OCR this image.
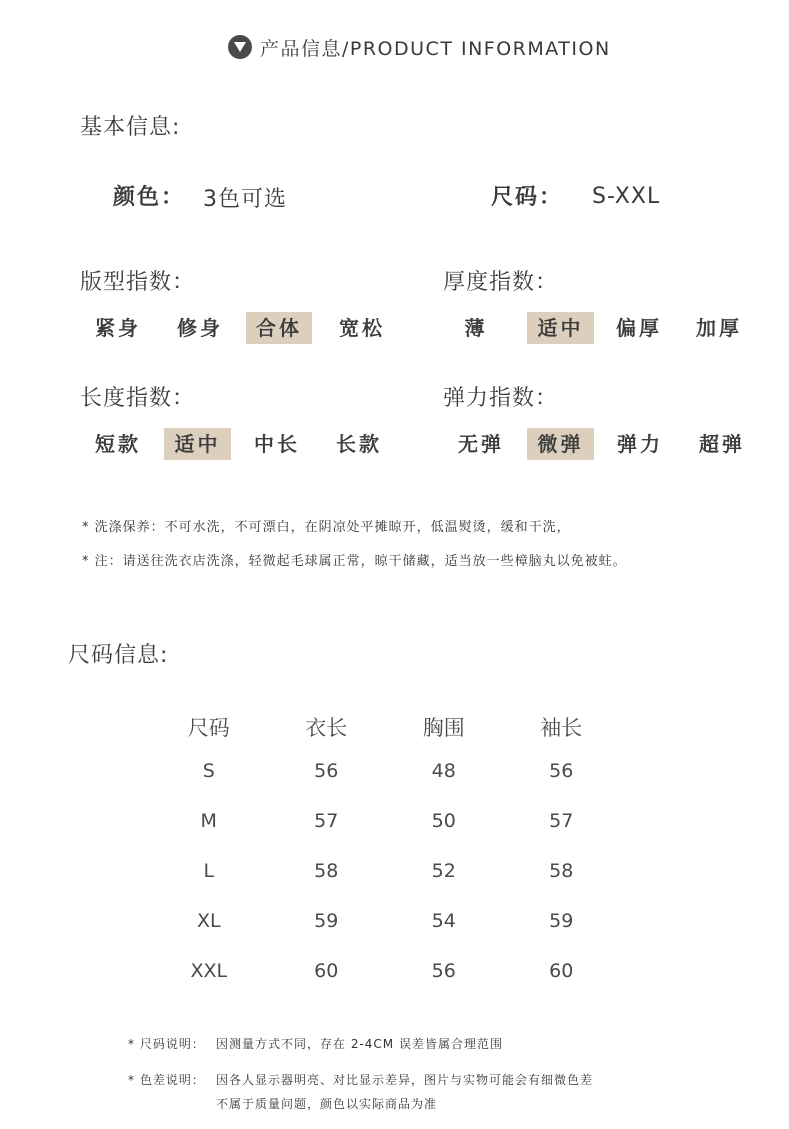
产品信息/PRODUCT INFORMATION
基本信息:
颜色： 3色可选	尺码： S-XXL
版型指数：
紧身	修身	合体	宽松
厚度指数：
薄	适中	偏厚	加厚
长度指数：
短款	适中	中长	长款
弹力指数：
无弹	微弹	弹力	超弹
* 洗涤保养：不可水洗，不可漂白，在阴凉处平摊晾开，低温熨烫，缓和干洗，
* 注：请送往洗衣店洗涤，轻微起毛球属正常，晾干储藏，适当放一些樟脑丸以免被蛀。
尺码信息:
尺码	衣长	胸围	袖长
S	56	48	56
M	57	50	57
L	58	52	58
XL	59	54	59
XXL	60	56	60
* 尺码说明： 因测量方式不同，存在 2-4CM 误差皆属合理范围
* 色差说明： 因各人显示器明亮、对比显示差异，图片与实物可能会有细微色差
不属于质量问题，颜色以实际商品为准
